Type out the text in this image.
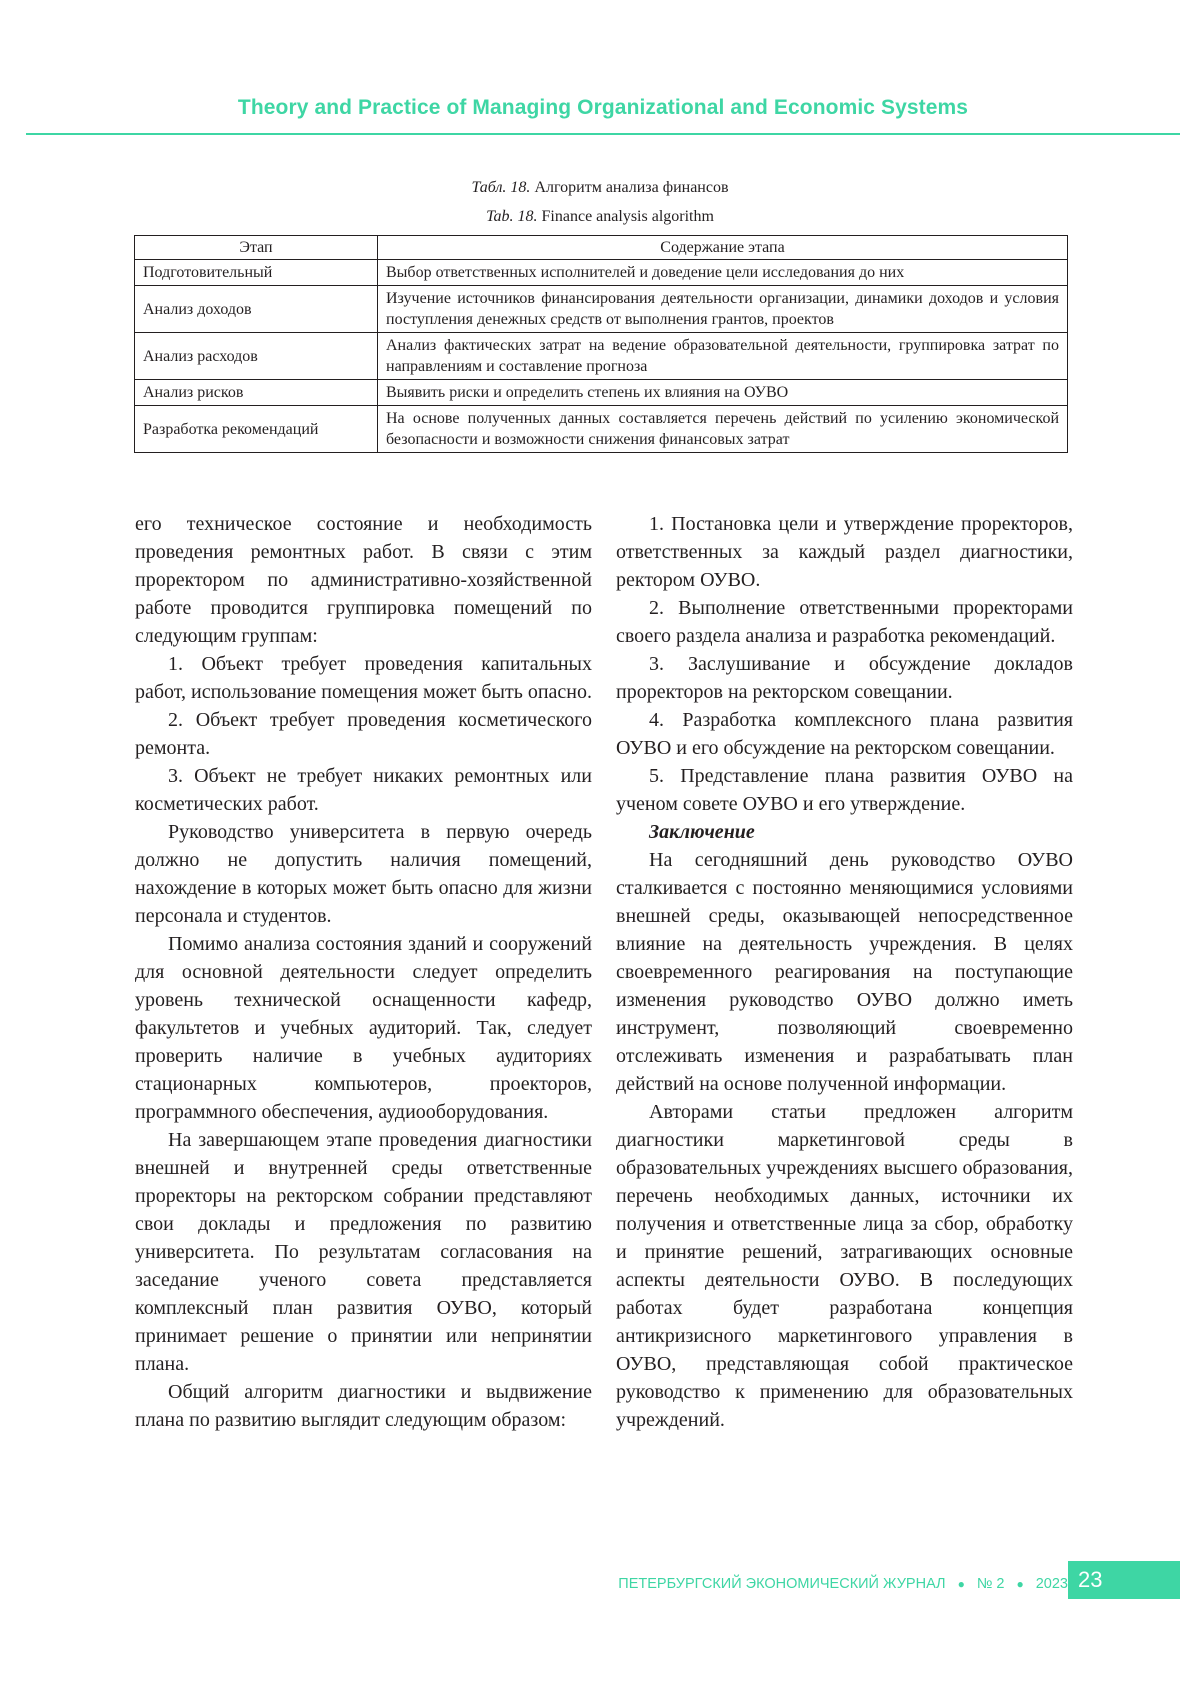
Theory and Practice of Managing Organizational and Economic Systems
Табл. 18. Алгоритм анализа финансов
Tab. 18. Finance analysis algorithm
Этап	Содержание этапа
Подготовительный	Выбор ответственных исполнителей и доведение цели исследования до них
Анализ доходов	Изучение источников финансирования деятельности организации, динамики доходов и условия поступления денежных средств от выполнения грантов, проектов
Анализ расходов	Анализ фактических затрат на ведение образовательной деятельности, группировка затрат по направлениям и составление прогноза
Анализ рисков	Выявить риски и определить степень их влияния на ОУВО
Разработка рекомендаций	На основе полученных данных составляется перечень действий по усилению экономической безопасности и возможности снижения финансовых затрат

его техническое состояние и необходимость проведения ремонтных работ. В связи с этим проректором по административно-хозяйственной работе проводится группировка помещений по следующим группам:

1. Объект требует проведения капитальных работ, использование помещения может быть опасно.

2. Объект требует проведения косметического ремонта.

3. Объект не требует никаких ремонтных или косметических работ.

Руководство университета в первую очередь должно не допустить наличия помещений, нахождение в которых может быть опасно для жизни персонала и студентов.

Помимо анализа состояния зданий и сооружений для основной деятельности следует определить уровень технической оснащенности кафедр, факультетов и учебных аудиторий. Так, следует проверить наличие в учебных аудиториях стационарных компьютеров, проекторов, программного обеспечения, аудиооборудования.

На завершающем этапе проведения диагностики внешней и внутренней среды ответственные проректоры на ректорском собрании представляют свои доклады и предложения по развитию университета. По результатам согласования на заседание ученого совета представляется комплексный план развития ОУВО, который принимает решение о принятии или непринятии плана.

Общий алгоритм диагностики и выдвижение плана по развитию выглядит следующим образом:

1. Постановка цели и утверждение проректоров, ответственных за каждый раздел диагностики, ректором ОУВО.

2. Выполнение ответственными проректорами своего раздела анализа и разработка рекомендаций.

3. Заслушивание и обсуждение докладов проректоров на ректорском совещании.

4. Разработка комплексного плана развития ОУВО и его обсуждение на ректорском совещании.

5. Представление плана развития ОУВО на ученом совете ОУВО и его утверждение.

Заключение

На сегодняшний день руководство ОУВО сталкивается с постоянно меняющимися условиями внешней среды, оказывающей непосредственное влияние на деятельность учреждения. В целях своевременного реагирования на поступающие изменения руководство ОУВО должно иметь инструмент, позволяющий своевременно отслеживать изменения и разрабатывать план действий на основе полученной информации.

Авторами статьи предложен алгоритм диагностики маркетинговой среды в образовательных учреждениях высшего образования, перечень необходимых данных, источники их получения и ответственные лица за сбор, обработку и принятие решений, затрагивающих основные аспекты деятельности ОУВО. В последующих работах будет разработана концепция антикризисного маркетингового управления в ОУВО, представляющая собой практическое руководство к применению для образовательных учреждений.

ПЕТЕРБУРГСКИЙ ЭКОНОМИЧЕСКИЙ ЖУРНАЛ ● № 2 ● 2023 23
